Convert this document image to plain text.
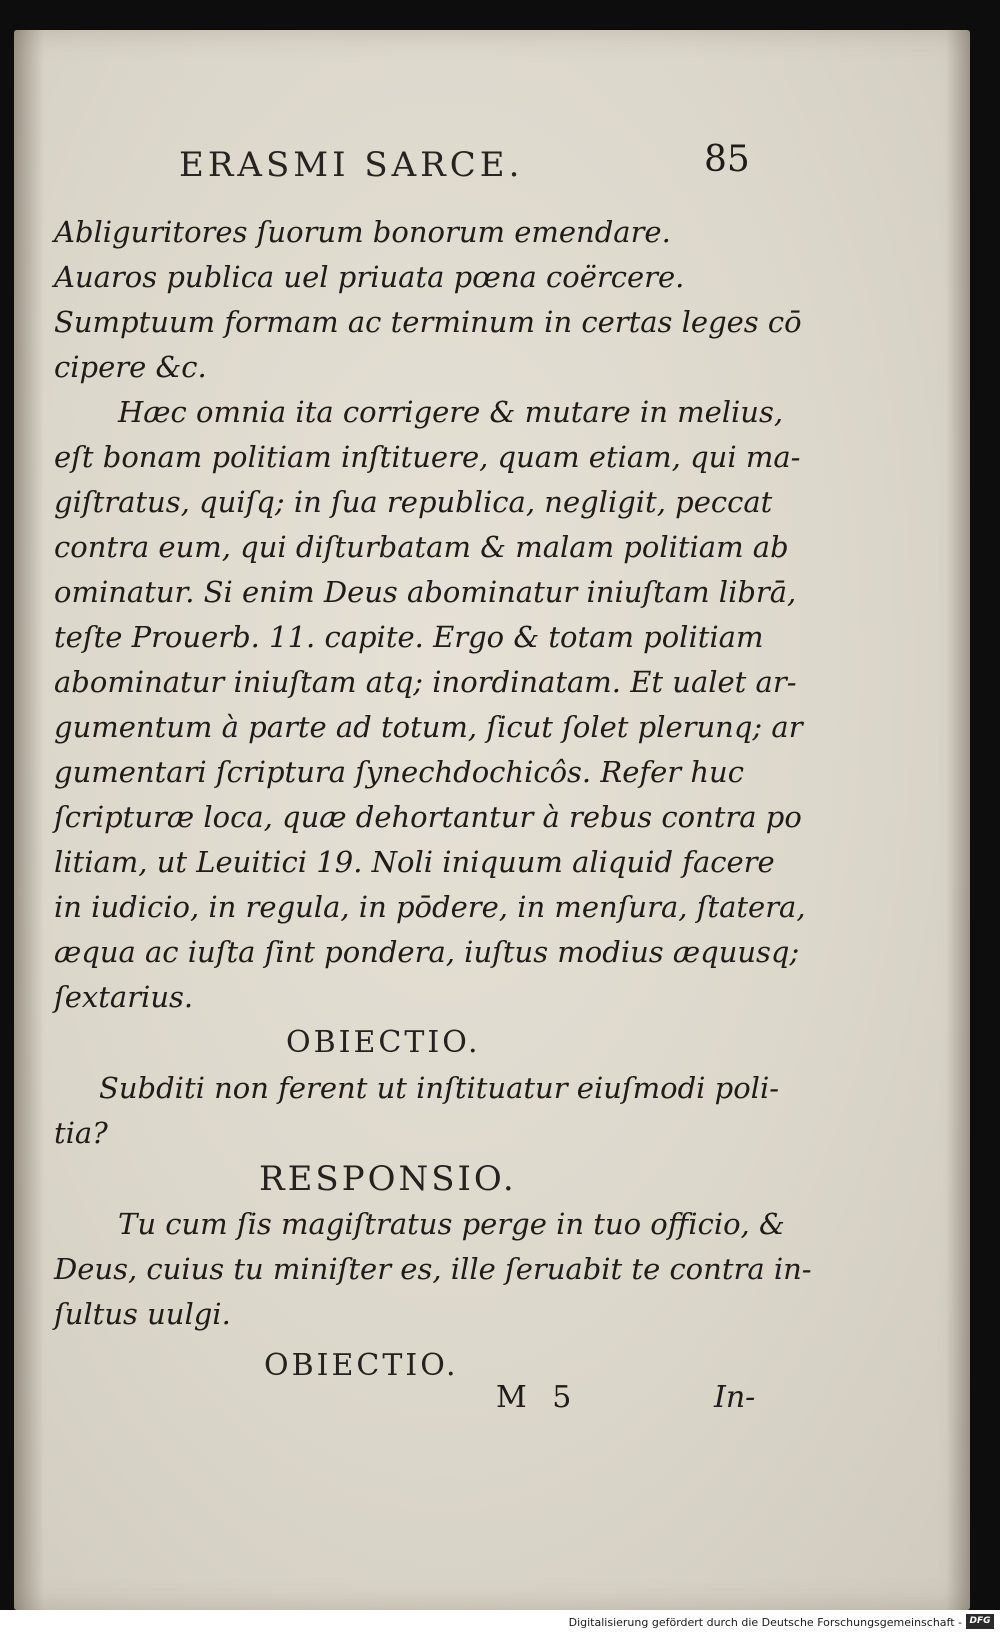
ERASMI SARCE.	85
Abliguritores ſuorum bonorum emendare.
Auaros publica uel priuata pœna coërcere.
Sumptuum formam ac terminum in certas leges cō
cipere &c.
Hæc omnia ita corrigere & mutare in melius,
eſt bonam politiam inſtituere, quam etiam, qui ma-
giſtratus, quiſq; in ſua republica, negligit, peccat
contra eum, qui diſturbatam & malam politiam ab
ominatur. Si enim Deus abominatur iniuſtam librā,
teſte Prouerb. 11. capite. Ergo & totam politiam
abominatur iniuſtam atq; inordinatam. Et ualet ar-
gumentum à parte ad totum, ſicut ſolet plerunq; ar
gumentari ſcriptura ſynechdochicôs. Refer huc
ſcripturæ loca, quæ dehortantur à rebus contra po
litiam, ut Leuitici 19. Noli iniquum aliquid facere
in iudicio, in regula, in pōdere, in menſura, ſtatera,
æqua ac iuſta ſint pondera, iuſtus modius æquusq;
ſextarius.
OBIECTIO.
Subditi non ferent ut inſtituatur eiuſmodi poli-
tia?
RESPONSIO.
Tu cum ſis magiſtratus perge in tuo officio, &
Deus, cuius tu miniſter es, ille ſeruabit te contra in-
ſultus uulgi.
OBIECTIO.
M 5	In-
Digitalisierung gefördert durch die Deutsche Forschungsgemeinschaft - DFG
